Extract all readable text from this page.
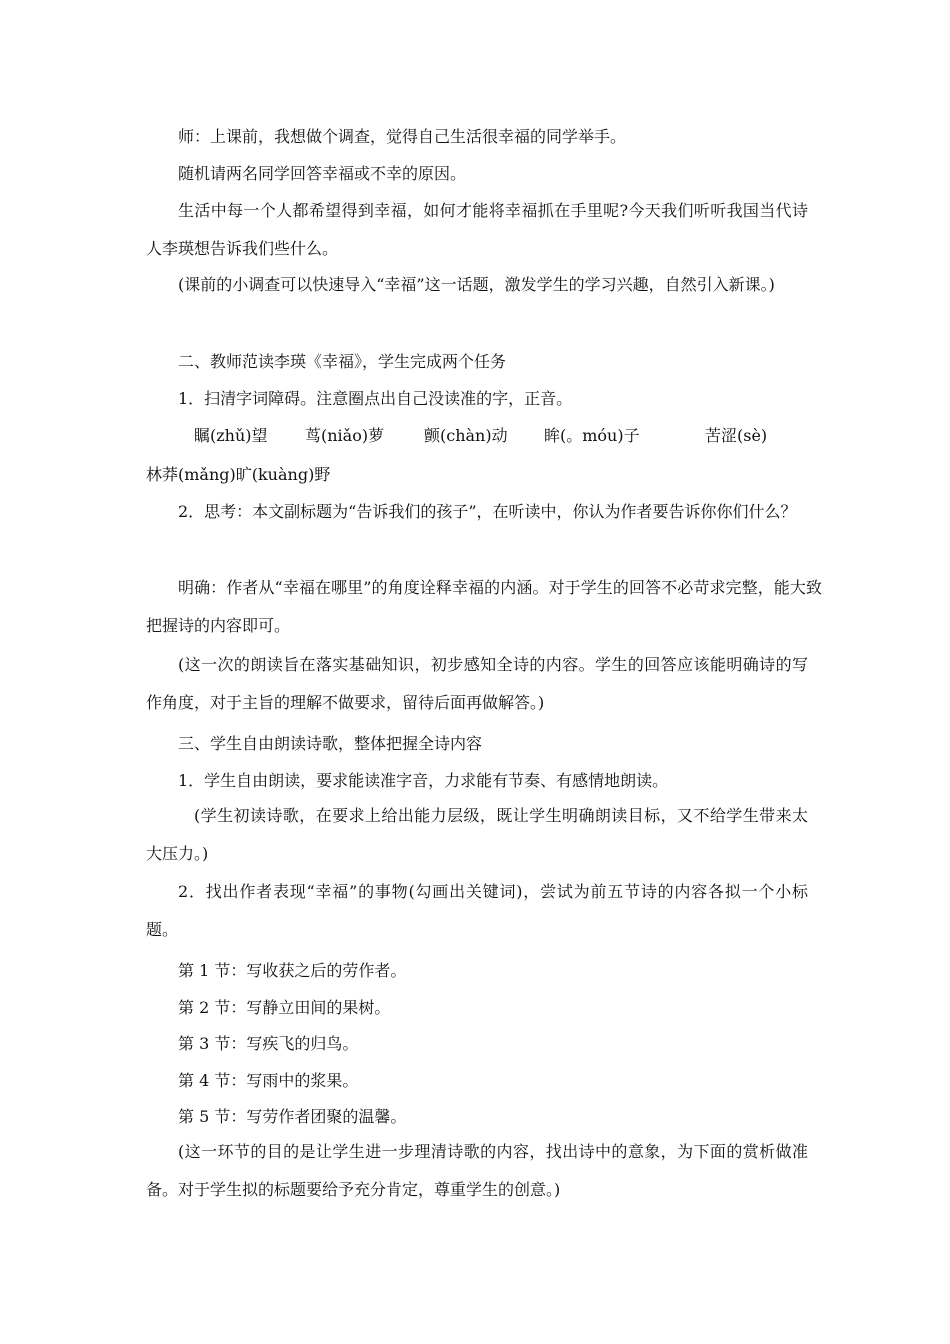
师：上课前，我想做个调查，觉得自己生活很幸福的同学举手。
随机请两名同学回答幸福或不幸的原因。
生活中每一个人都希望得到幸福，如何才能将幸福抓在手里呢?今天我们听听我国当代诗人李瑛想告诉我们些什么。
(课前的小调查可以快速导入“幸福”这一话题，激发学生的学习兴趣，自然引入新课。)
二、教师范读李瑛《幸福》，学生完成两个任务
1．扫清字词障碍。注意圈点出自己没读准的字，正音。
瞩(zhǔ)望 茑(niǎo)萝 颤(chàn)动 眸(。móu)子	苦涩(sè)
林莽(mǎng)旷(kuàng)野
2．思考：本文副标题为“告诉我们的孩子”，在听读中，你认为作者要告诉你你们什么？
明确：作者从“幸福在哪里”的角度诠释幸福的内涵。对于学生的回答不必苛求完整，能大致把握诗的内容即可。
(这一次的朗读旨在落实基础知识，初步感知全诗的内容。学生的回答应该能明确诗的写作角度，对于主旨的理解不做要求，留待后面再做解答。)
三、学生自由朗读诗歌，整体把握全诗内容
1．学生自由朗读，要求能读准字音，力求能有节奏、有感情地朗读。
(学生初读诗歌，在要求上给出能力层级，既让学生明确朗读目标，又不给学生带来太大压力。)
2．找出作者表现“幸福”的事物(勾画出关键词)，尝试为前五节诗的内容各拟一个小标题。
第 1 节：写收获之后的劳作者。
第 2 节：写静立田间的果树。
第 3 节：写疾飞的归鸟。
第 4 节：写雨中的浆果。
第 5 节：写劳作者团聚的温馨。
(这一环节的目的是让学生进一步理清诗歌的内容，找出诗中的意象，为下面的赏析做准备。对于学生拟的标题要给予充分肯定，尊重学生的创意。)
